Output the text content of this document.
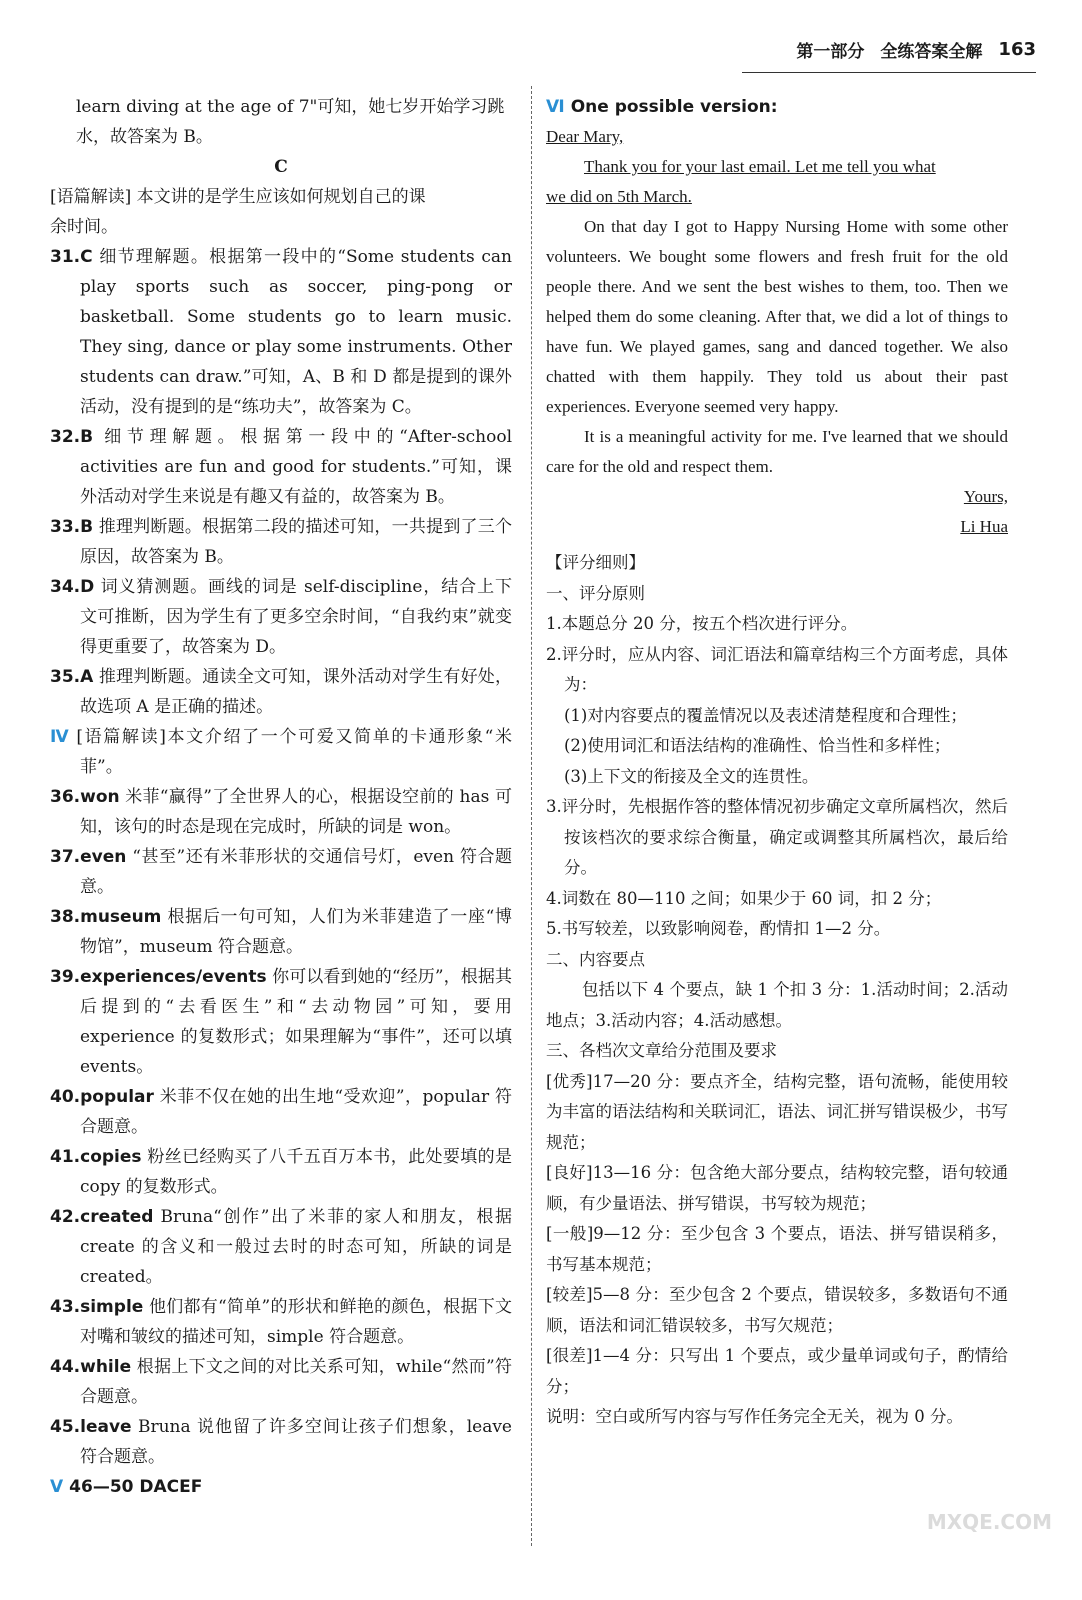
第一部分 全练答案全解 163

learn diving at the age of 7"可知，她七岁开始学习跳

水，故答案为 B。

C

[语篇解读] 本文讲的是学生应该如何规划自己的课
余时间。

31.C 细节理解题。根据第一段中的“Some students can play sports such as soccer, ping-pong or basketball. Some students go to learn music. They sing, dance or play some instruments. Other students can draw.”可知，A、B 和 D 都是提到的课外活动，没有提到的是“练功夫”，故答案为 C。

32.B 细节理解题。根据第一段中的“After-school activities are fun and good for students.”可知，课外活动对学生来说是有趣又有益的，故答案为 B。

33.B 推理判断题。根据第二段的描述可知，一共提到了三个原因，故答案为 B。

34.D 词义猜测题。画线的词是 self-discipline，结合上下文可推断，因为学生有了更多空余时间，“自我约束”就变得更重要了，故答案为 D。

35.A 推理判断题。通读全文可知，课外活动对学生有好处，故选项 A 是正确的描述。

Ⅳ [语篇解读]本文介绍了一个可爱又简单的卡通形象“米菲”。

36.won 米菲“赢得”了全世界人的心，根据设空前的 has 可知，该句的时态是现在完成时，所缺的词是 won。

37.even “甚至”还有米菲形状的交通信号灯，even 符合题意。

38.museum 根据后一句可知，人们为米菲建造了一座“博物馆”，museum 符合题意。

39.experiences/events 你可以看到她的“经历”，根据其后提到的“去看医生”和“去动物园”可知，要用 experience 的复数形式；如果理解为“事件”，还可以填 events。

40.popular 米菲不仅在她的出生地“受欢迎”，popular 符合题意。

41.copies 粉丝已经购买了八千五百万本书，此处要填的是 copy 的复数形式。

42.created Bruna“创作”出了米菲的家人和朋友，根据 create 的含义和一般过去时的时态可知，所缺的词是 created。

43.simple 他们都有“简单”的形状和鲜艳的颜色，根据下文对嘴和皱纹的描述可知，simple 符合题意。

44.while 根据上下文之间的对比关系可知，while“然而”符合题意。

45.leave Bruna 说他留了许多空间让孩子们想象，leave 符合题意。

Ⅴ 46—50 DACEF

Ⅵ One possible version:

Dear Mary,

Thank you for your last email. Let me tell you what
we did on 5th March.

On that day I got to Happy Nursing Home with some other volunteers. We bought some flowers and fresh fruit for the old people there. And we sent the best wishes to them, too. Then we helped them do some cleaning. After that, we did a lot of things to have fun. We played games, sang and danced together. We also chatted with them happily. They told us about their past experiences. Everyone seemed very happy.

It is a meaningful activity for me. I've learned that we should care for the old and respect them.

Yours,

Li Hua

【评分细则】

一、评分原则

1.本题总分 20 分，按五个档次进行评分。

2.评分时，应从内容、词汇语法和篇章结构三个方面考虑，具体为：

(1)对内容要点的覆盖情况以及表述清楚程度和合理性；

(2)使用词汇和语法结构的准确性、恰当性和多样性；

(3)上下文的衔接及全文的连贯性。

3.评分时，先根据作答的整体情况初步确定文章所属档次，然后按该档次的要求综合衡量，确定或调整其所属档次，最后给分。

4.词数在 80—110 之间；如果少于 60 词，扣 2 分；

5.书写较差，以致影响阅卷，酌情扣 1—2 分。

二、内容要点

包括以下 4 个要点，缺 1 个扣 3 分：1.活动时间；2.活动地点；3.活动内容；4.活动感想。

三、各档次文章给分范围及要求

[优秀]17—20 分：要点齐全，结构完整，语句流畅，能使用较为丰富的语法结构和关联词汇，语法、词汇拼写错误极少，书写规范；

[良好]13—16 分：包含绝大部分要点，结构较完整，语句较通顺，有少量语法、拼写错误，书写较为规范；

[一般]9—12 分：至少包含 3 个要点，语法、拼写错误稍多，书写基本规范；

[较差]5—8 分：至少包含 2 个要点，错误较多，多数语句不通顺，语法和词汇错误较多，书写欠规范；

[很差]1—4 分：只写出 1 个要点，或少量单词或句子，酌情给分；

说明：空白或所写内容与写作任务完全无关，视为 0 分。

MXQE.COM
